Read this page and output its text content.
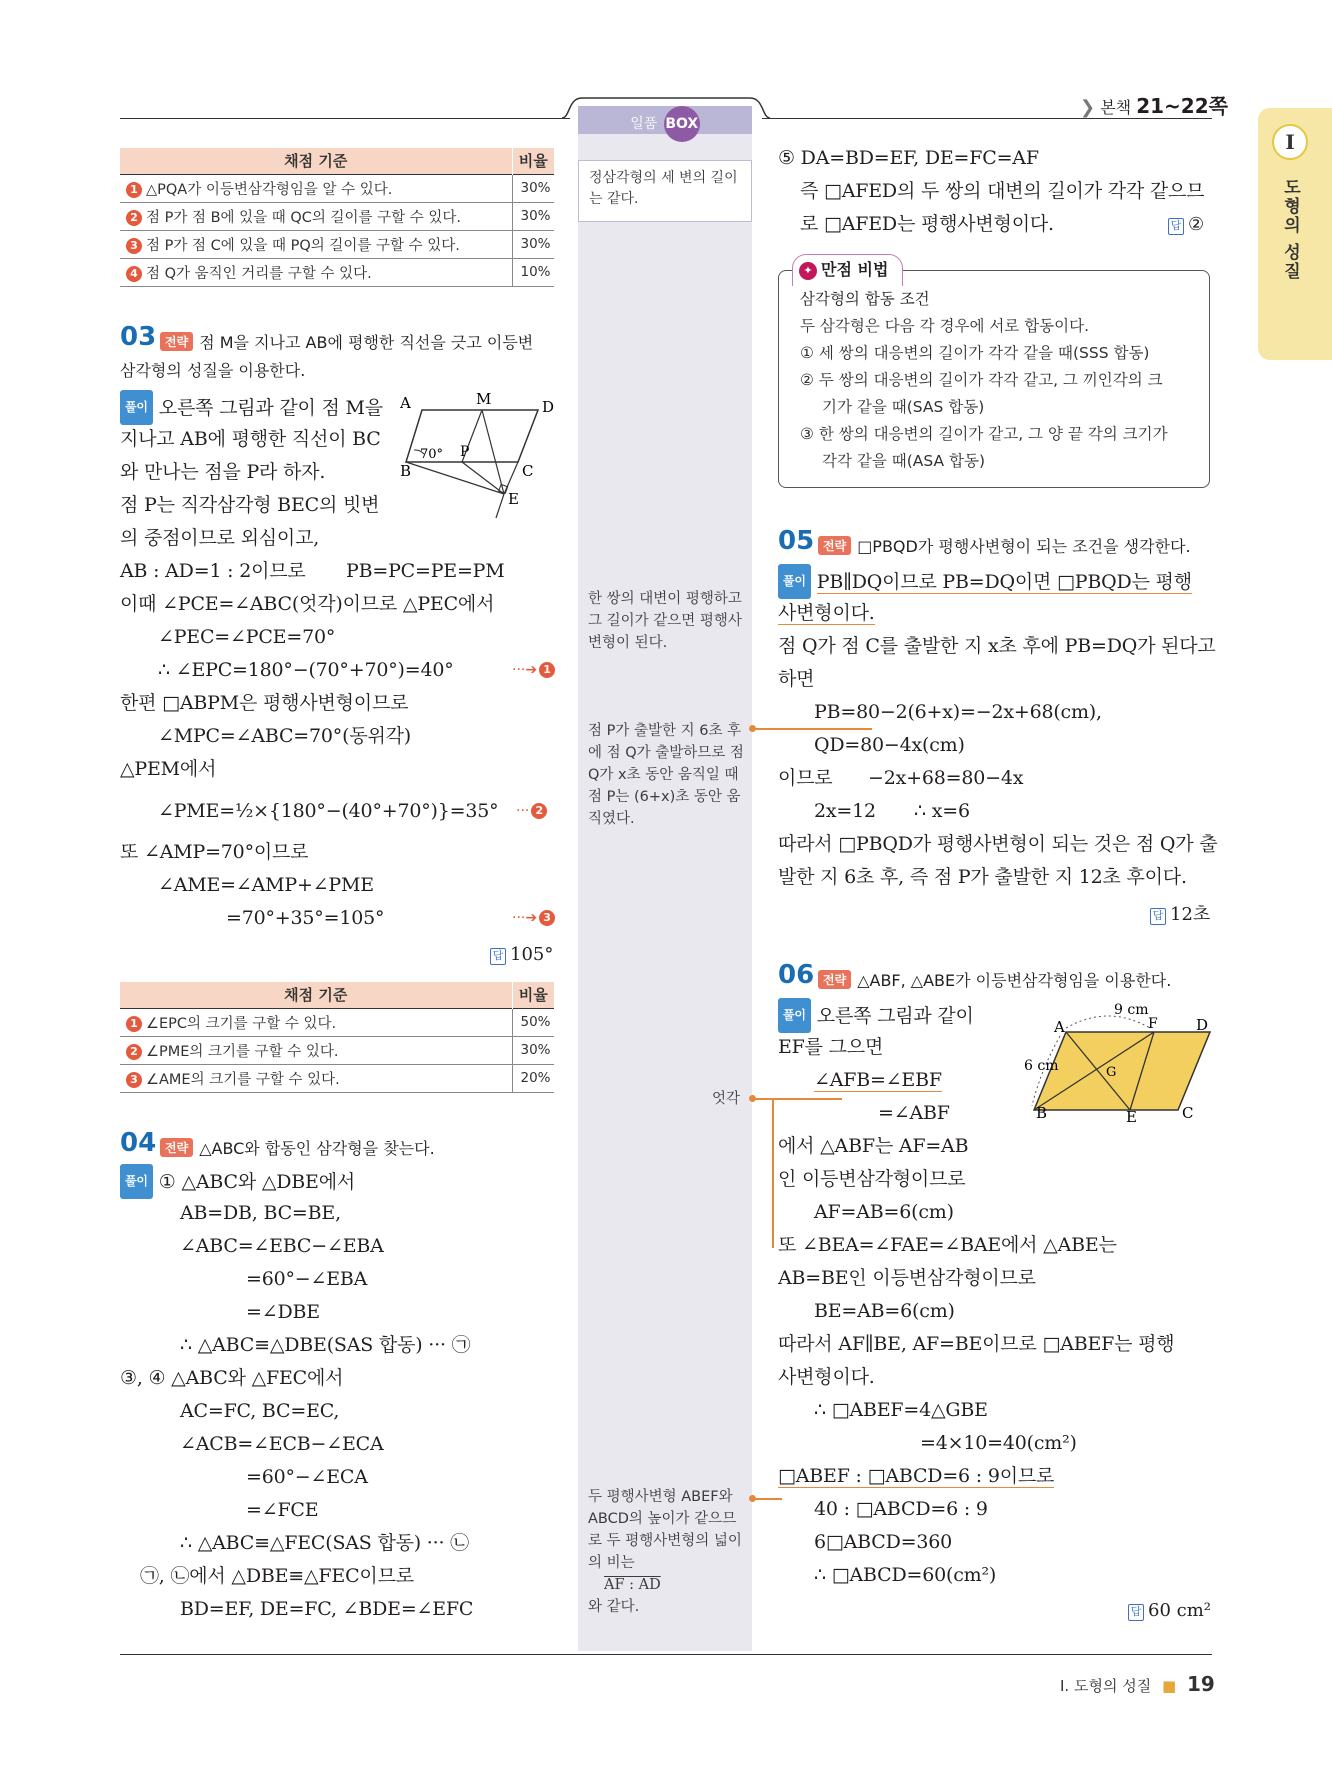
❯ 본책 21~22쪽
I
도형의 성질
일품 BOX
정삼각형의 세 변의 길이는 같다.
한 쌍의 대변이 평행하고 그 길이가 같으면 평행사변형이 된다.
점 P가 출발한 지 6초 후에 점 Q가 출발하므로 점 Q가 x초 동안 움직일 때 점 P는 (6+x)초 동안 움직였다.
엇각
두 평행사변형 ABEF와 ABCD의 높이가 같으므로 두 평행사변형의 넓이의 비는
AF : AD
와 같다.
채점 기준	비율
1 △PQA가 이등변삼각형임을 알 수 있다.	30%
2 점 P가 점 B에 있을 때 QC의 길이를 구할 수 있다.	30%
3 점 P가 점 C에 있을 때 PQ의 길이를 구할 수 있다.	30%
4 점 Q가 움직인 거리를 구할 수 있다.	10%
03 전략 점 M을 지나고 AB에 평행한 직선을 긋고 이등변
삼각형의 성질을 이용한다.
풀이 오른쪽 그림과 같이 점 M을
지나고 AB에 평행한 직선이 BC
와 만나는 점을 P라 하자.
점 P는 직각삼각형 BEC의 빗변
의 중점이므로 외심이고,
AB : AD=1 : 2이므로 PB=PC=PE=PM
이때 ∠PCE=∠ABC(엇각)이므로 △PEC에서
∠PEC=∠PCE=70°
∴ ∠EPC=180°−(70°+70°)=40°	···➔ 1
한편 □ABPM은 평행사변형이므로
∠MPC=∠ABC=70°(동위각)
△PEM에서
∠PME=½×{180°−(40°+70°)}=35° ··· 2
또 ∠AMP=70°이므로
∠AME=∠AMP+∠PME
=70°+35°=105°	···➔ 3
답 105°
A	M	D
B	C
P
E
70°
채점 기준	비율
1 ∠EPC의 크기를 구할 수 있다.	50%
2 ∠PME의 크기를 구할 수 있다.	30%
3 ∠AME의 크기를 구할 수 있다.	20%
04 전략 △ABC와 합동인 삼각형을 찾는다.
풀이 ① △ABC와 △DBE에서
AB=DB, BC=BE,
∠ABC=∠EBC−∠EBA
=60°−∠EBA
=∠DBE
∴ △ABC≡△DBE(SAS 합동) ··· ㉠
③, ④ △ABC와 △FEC에서
AC=FC, BC=EC,
∠ACB=∠ECB−∠ECA
=60°−∠ECA
=∠FCE
∴ △ABC≡△FEC(SAS 합동) ··· ㉡
㉠, ㉡에서 △DBE≡△FEC이므로
BD=EF, DE=FC, ∠BDE=∠EFC
⑤ DA=BD=EF, DE=FC=AF
즉 □AFED의 두 쌍의 대변의 길이가 각각 같으므
로 □AFED는 평행사변형이다.	답 ②
✦ 만점 비법
삼각형의 합동 조건
두 삼각형은 다음 각 경우에 서로 합동이다.
① 세 쌍의 대응변의 길이가 각각 같을 때(SSS 합동)
② 두 쌍의 대응변의 길이가 각각 같고, 그 끼인각의 크
기가 같을 때(SAS 합동)
③ 한 쌍의 대응변의 길이가 같고, 그 양 끝 각의 크기가
각각 같을 때(ASA 합동)
05 전략 □PBQD가 평행사변형이 되는 조건을 생각한다.
풀이 PB∥DQ이므로 PB=DQ이면 □PBQD는 평행
사변형이다.
점 Q가 점 C를 출발한 지 x초 후에 PB=DQ가 된다고
하면
PB=80−2(6+x)=−2x+68(cm),
QD=80−4x(cm)
이므로 −2x+68=80−4x
2x=12 ∴ x=6
따라서 □PBQD가 평행사변형이 되는 것은 점 Q가 출
발한 지 6초 후, 즉 점 P가 출발한 지 12초 후이다.
답 12초
06 전략 △ABF, △ABE가 이등변삼각형임을 이용한다.
풀이 오른쪽 그림과 같이
EF를 그으면
∠AFB=∠EBF
=∠ABF
에서 △ABF는 AF=AB
인 이등변삼각형이므로
AF=AB=6(cm)
또 ∠BEA=∠FAE=∠BAE에서 △ABE는
AB=BE인 이등변삼각형이므로
BE=AB=6(cm)
따라서 AF∥BE, AF=BE이므로 □ABEF는 평행
사변형이다.
∴ □ABEF=4△GBE
=4×10=40(cm²)
□ABEF : □ABCD=6 : 9이므로
40 : □ABCD=6 : 9
6□ABCD=360
∴ □ABCD=60(cm²)
답 60 cm²
A	F	D
B	E	C
G
9 cm
6 cm
I. 도형의 성질 ■ 19
